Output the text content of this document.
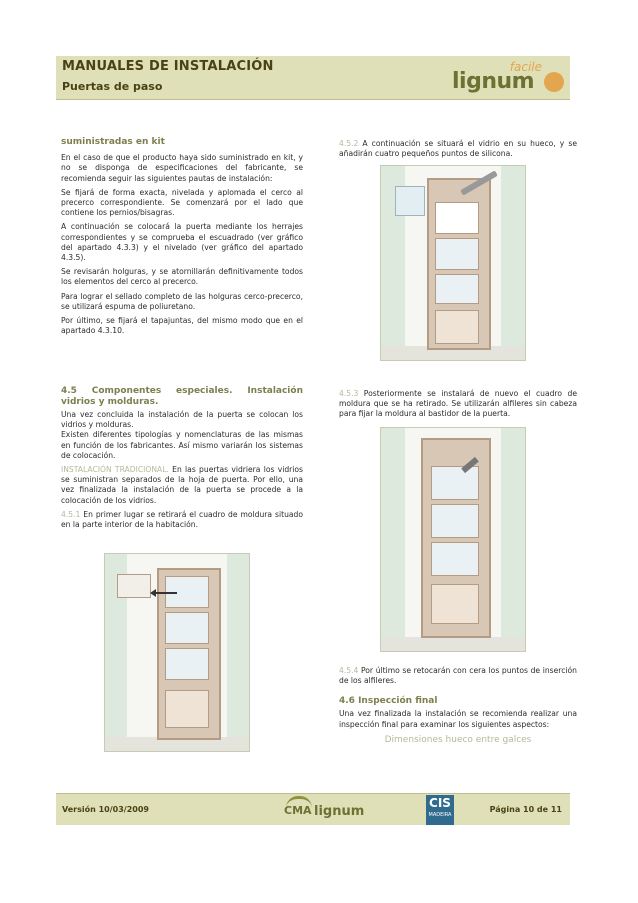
MANUALES DE INSTALACIÓN
Puertas de paso
facile
lignum
suministradas en kit

En el caso de que el producto haya sido suministrado en kit, y no se disponga de especificaciones del fabricante, se recomienda seguir las siguientes pautas de instalación:

Se fijará de forma exacta, nivelada y aplomada el cerco al precerco correspondiente. Se comenzará por el lado que contiene los pernios/bisagras.

A continuación se colocará la puerta mediante los herrajes correspondientes y se comprueba el escuadrado (ver gráfico del apartado 4.3.3) y el nivelado (ver gráfico del apartado 4.3.5).

Se revisarán holguras, y se atornillarán definitivamente todos los elementos del cerco al precerco.

Para lograr el sellado completo de las holguras cerco-precerco, se utilizará espuma de poliuretano.

Por último, se fijará el tapajuntas, del mismo modo que en el apartado 4.3.10.

4.5 Componentes especiales. Instalación vidrios y molduras.

Una vez concluida la instalación de la puerta se colocan los vidrios y molduras.

Existen diferentes tipologías y nomenclaturas de las mismas en función de los fabricantes. Así mismo variarán los sistemas de colocación.

INSTALACIÓN TRADICIONAL. En las puertas vidriera los vidrios se suministran separados de la hoja de puerta. Por ello, una vez finalizada la instalación de la puerta se procede a la colocación de los vidrios.

4.5.1 En primer lugar se retirará el cuadro de moldura situado en la parte interior de la habitación.

4.5.2 A continuación se situará el vidrio en su hueco, y se añadirán cuatro pequeños puntos de silicona.

4.5.3 Posteriormente se instalará de nuevo el cuadro de moldura que se ha retirado. Se utilizarán alfileres sin cabeza para fijar la moldura al bastidor de la puerta.

4.5.4 Por último se retocarán con cera los puntos de inserción de los alfileres.

4.6 Inspección final

Una vez finalizada la instalación se recomienda realizar una inspección final para examinar los siguientes aspectos:

Dimensiones hueco entre galces
Versión 10/03/2009	CMA lignum
CIS
MADEIRA
Página 10 de 11
